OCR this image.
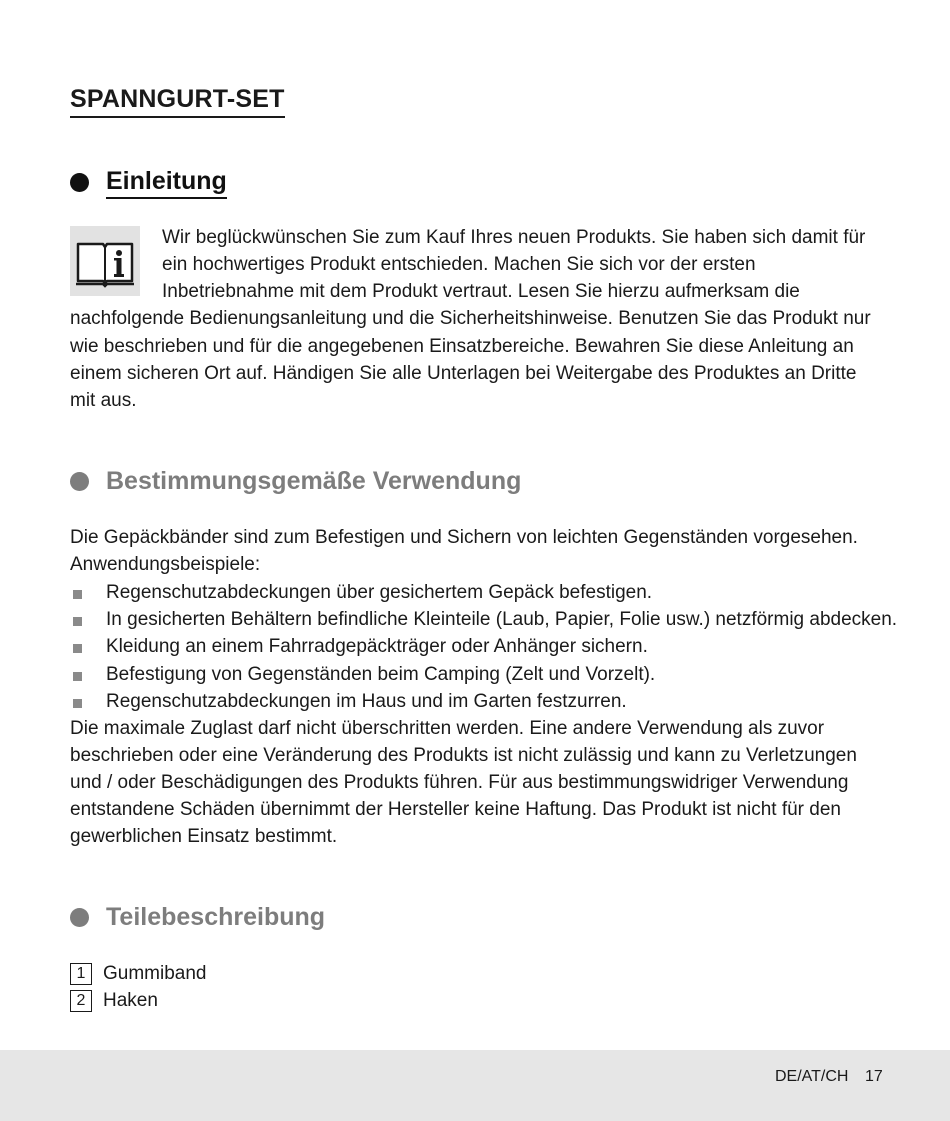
SPANNGURT-SET
Einleitung

Wir beglückwünschen Sie zum Kauf Ihres neuen Produkts. Sie haben sich damit für

ein hochwertiges Produkt entschieden. Machen Sie sich vor der ersten

Inbetriebnahme mit dem Produkt vertraut. Lesen Sie hierzu aufmerksam die

nachfolgende Bedienungsanleitung und die Sicherheitshinweise. Benutzen Sie das Produkt nur

wie beschrieben und für die angegebenen Einsatzbereiche. Bewahren Sie diese Anleitung an

einem sicheren Ort auf. Händigen Sie alle Unterlagen bei Weitergabe des Produktes an Dritte

mit aus.

Bestimmungsgemäße Verwendung

Die Gepäckbänder sind zum Befestigen und Sichern von leichten Gegenständen vorgesehen.

Anwendungsbeispiele:

Regenschutzabdeckungen über gesichertem Gepäck befestigen.
In gesicherten Behältern befindliche Kleinteile (Laub, Papier, Folie usw.) netzförmig abdecken.
Kleidung an einem Fahrradgepäckträger oder Anhänger sichern.
Befestigung von Gegenständen beim Camping (Zelt und Vorzelt).
Regenschutzabdeckungen im Haus und im Garten festzurren.

Die maximale Zuglast darf nicht überschritten werden. Eine andere Verwendung als zuvor

beschrieben oder eine Veränderung des Produkts ist nicht zulässig und kann zu Verletzungen

und / oder Beschädigungen des Produkts führen. Für aus bestimmungswidriger Verwendung

entstandene Schäden übernimmt der Hersteller keine Haftung. Das Produkt ist nicht für den

gewerblichen Einsatz bestimmt.

Teilebeschreibung
1 Gummiband
2 Haken
DE/AT/CH 17
